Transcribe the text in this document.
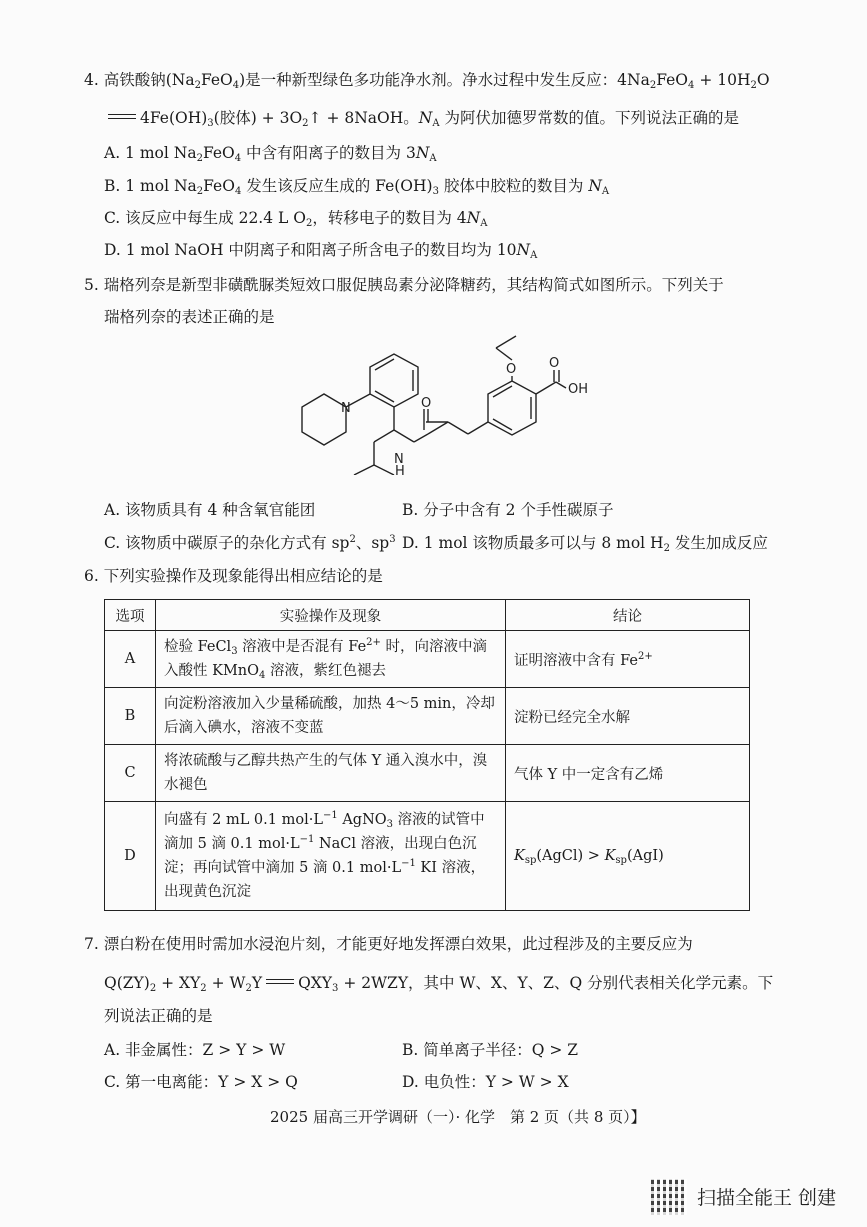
4. 高铁酸钠$(Na_2FeO_4)$是一种新型绿色多功能净水剂。净水过程中发生反应：$4Na_2FeO_4 + 10H_2O$
$4Fe(OH)_3$(胶体) + $3O_2↑$ + 8NaOH。$N_A$ 为阿伏加德罗常数的值。下列说法正确的是
A. 1 mol $Na_2FeO_4$ 中含有阳离子的数目为 $3N_A$
B. 1 mol $Na_2FeO_4$ 发生该反应生成的 $Fe(OH)_3$ 胶体中胶粒的数目为 $N_A$
C. 该反应中每生成 22.4 L $O_2$，转移电子的数目为 $4N_A$
D. 1 mol NaOH 中阴离子和阳离子所含电子的数目均为 $10N_A$
5. 瑞格列奈是新型非磺酰脲类短效口服促胰岛素分泌降糖药，其结构简式如图所示。下列关于
瑞格列奈的表述正确的是
N	O
N
H
O	O
OH
A. 该物质具有 4 种含氧官能团	B. 分子中含有 2 个手性碳原子
C. 该物质中碳原子的杂化方式有 $sp^2$、$sp^3$ D. 1 mol 该物质最多可以与 8 mol $H_2$ 发生加成反应
6. 下列实验操作及现象能得出相应结论的是
选项	实验操作及现象	结论
A	检验 FeCl$_3$ 溶液中是否混有 $Fe^{2+}$ 时，向溶液中滴入酸性 KMnO$_4$ 溶液，紫红色褪去	证明溶液中含有 $Fe^{2+}$
B	向淀粉溶液加入少量稀硫酸，加热 4～5 min，冷却后滴入碘水，溶液不变蓝	淀粉已经完全水解
C	将浓硫酸与乙醇共热产生的气体 Y 通入溴水中，溴水褪色	气体 Y 中一定含有乙烯
D	向盛有 2 mL 0.1 $mol\cdot L^{-1}$ AgNO$_3$ 溶液的试管中滴加 5 滴 0.1 $mol\cdot L^{-1}$ NaCl 溶液，出现白色沉淀；再向试管中滴加 5 滴 0.1 $mol\cdot L^{-1}$ KI 溶液，出现黄色沉淀	$K_{sp}(AgCl) > K_{sp}(AgI)$
7. 漂白粉在使用时需加水浸泡片刻，才能更好地发挥漂白效果，此过程涉及的主要反应为
$Q(ZY)_2 + XY_2 + W_2Y$ $QXY_3 + 2WZY$，其中 W、X、Y、Z、Q 分别代表相关化学元素。下
列说法正确的是
A. 非金属性：Z > Y > W	B. 简单离子半径：Q > Z
C. 第一电离能：Y > X > Q	D. 电负性：Y > W > X
2025 届高三开学调研（一）· 化学　第 2 页（共 8 页）】
扫描全能王 创建
